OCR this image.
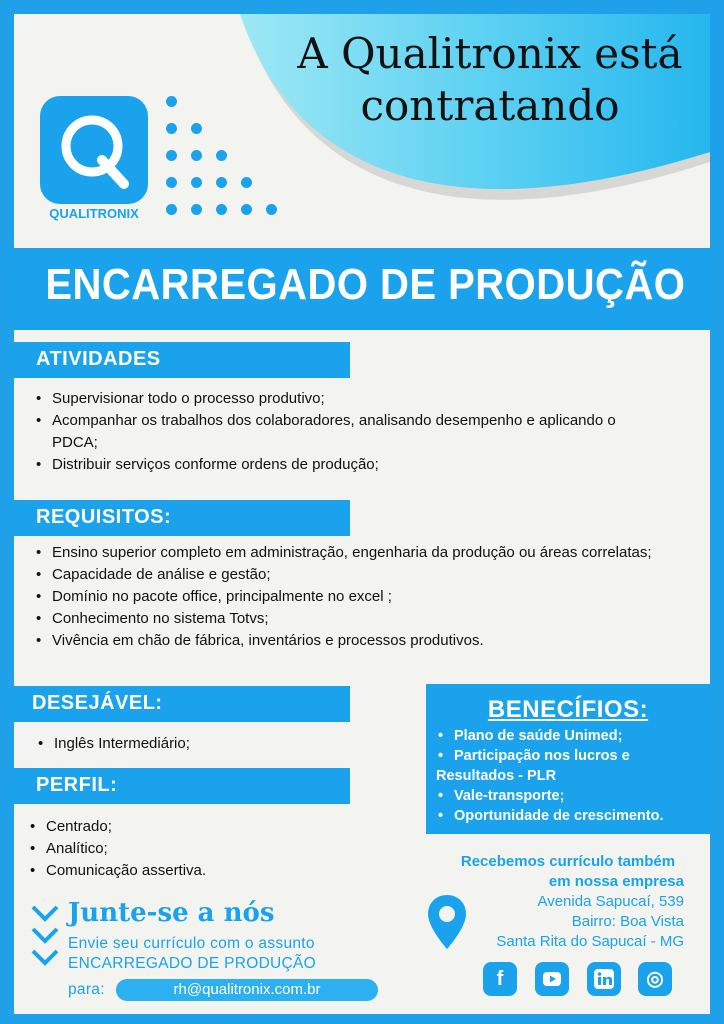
A Qualitronix está contratando
QUALITRONIX
ENCARREGADO DE PRODUÇÃO
ATIVIDADES
• Supervisionar todo o processo produtivo;
• Acompanhar os trabalhos dos colaboradores, analisando desempenho e aplicando o PDCA;
• Distribuir serviços conforme ordens de produção;
REQUISITOS:
• Ensino superior completo em administração, engenharia da produção ou áreas correlatas;
• Capacidade de análise e gestão;
• Domínio no pacote office, principalmente no excel ;
• Conhecimento no sistema Totvs;
• Vivência em chão de fábrica, inventários e processos produtivos.
DESEJÁVEL:
• Inglês Intermediário;
PERFIL:
• Centrado;
• Analítico;
• Comunicação assertiva.
BENECÍFIOS:
• Plano de saúde Unimed;
• Participação nos lucros e
Resultados - PLR
• Vale-transporte;
• Oportunidade de crescimento.
Recebemos currículo também
em nossa empresa
Avenida Sapucaí, 539
Bairro: Boa Vista
Santa Rita do Sapucaí - MG
f	◎
Junte-se a nós
Envie seu currículo com o assunto
ENCARREGADO DE PRODUÇÃO
para:	rh@qualitronix.com.br
